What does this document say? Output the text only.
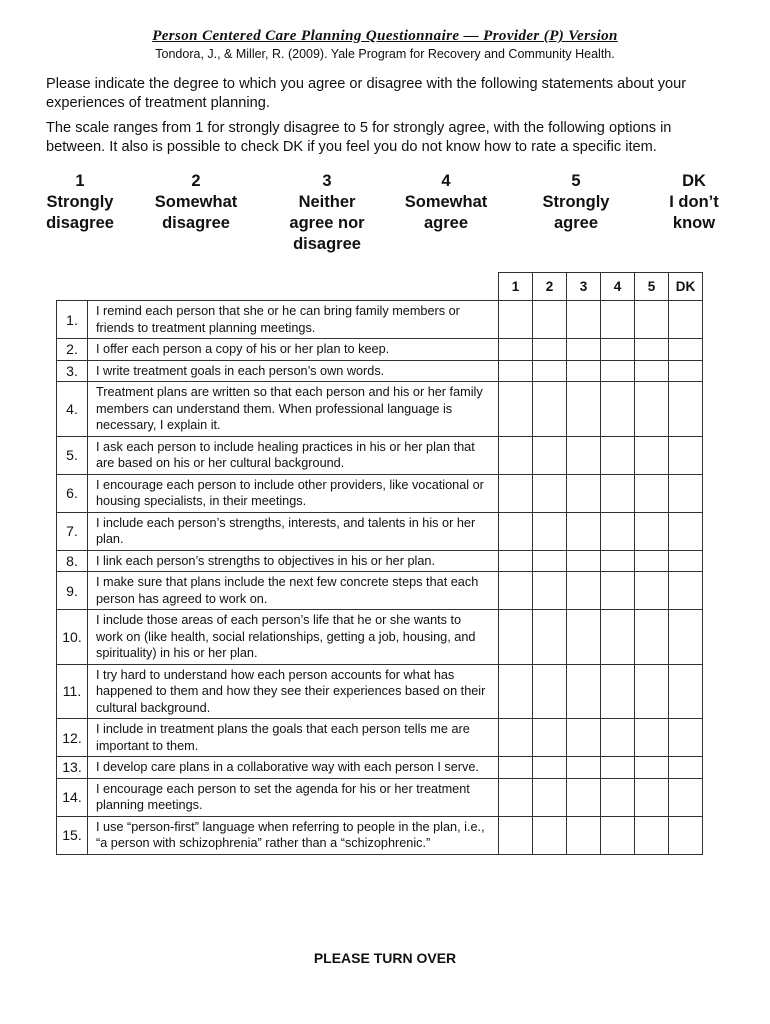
Person Centered Care Planning Questionnaire — Provider (P) Version
Tondora, J., & Miller, R. (2009). Yale Program for Recovery and Community Health.
Please indicate the degree to which you agree or disagree with the following statements about your experiences of treatment planning.
The scale ranges from 1 for strongly disagree to 5 for strongly agree, with the following options in between. It also is possible to check DK if you feel you do not know how to rate a specific item.
1
Strongly
disagree
2
Somewhat
disagree
3
Neither
agree nor
disagree
4
Somewhat
agree
5
Strongly
agree
DK
I don’t
know
		1	2	3	4	5	DK
1.	I remind each person that she or he can bring family members or friends to treatment planning meetings.						
2.	I offer each person a copy of his or her plan to keep.						
3.	I write treatment goals in each person’s own words.						
4.	Treatment plans are written so that each person and his or her family members can understand them. When professional language is necessary, I explain it.						
5.	I ask each person to include healing practices in his or her plan that are based on his or her cultural background.						
6.	I encourage each person to include other providers, like vocational or housing specialists, in their meetings.						
7.	I include each person’s strengths, interests, and talents in his or her plan.						
8.	I link each person’s strengths to objectives in his or her plan.						
9.	I make sure that plans include the next few concrete steps that each person has agreed to work on.						
10.	I include those areas of each person’s life that he or she wants to work on (like health, social relationships, getting a job, housing, and spirituality) in his or her plan.						
11.	I try hard to understand how each person accounts for what has happened to them and how they see their experiences based on their cultural background.						
12.	I include in treatment plans the goals that each person tells me are important to them.						
13.	I develop care plans in a collaborative way with each person I serve.						
14.	I encourage each person to set the agenda for his or her treatment planning meetings.						
15.	I use “person-first” language when referring to people in the plan, i.e., “a person with schizophrenia” rather than a “schizophrenic.”						
PLEASE TURN OVER
